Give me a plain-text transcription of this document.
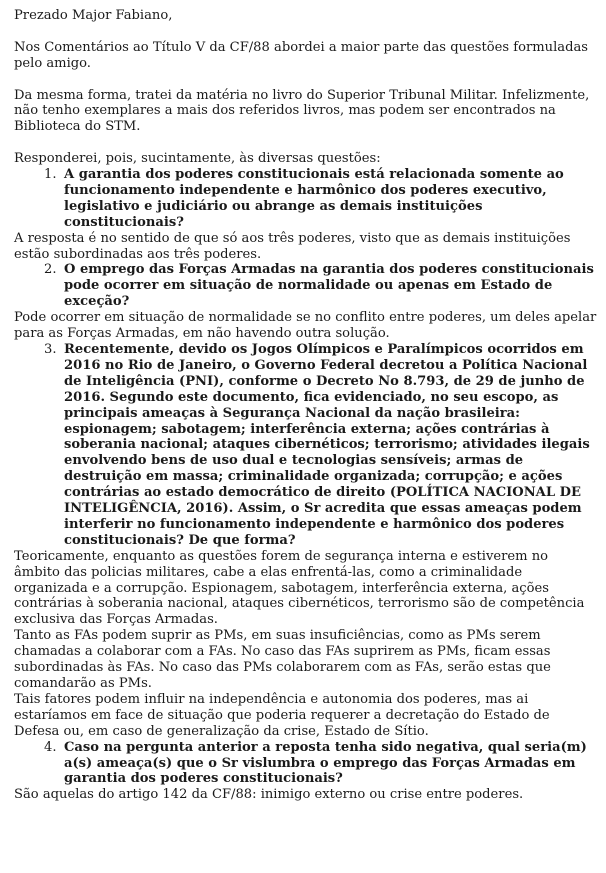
Prezado Major Fabiano,

Nos Comentários ao Título V da CF/88 abordei a maior parte das questões formuladas pelo amigo.

Da mesma forma, tratei da matéria no livro do Superior Tribunal Militar. Infelizmente, não tenho exemplares a mais dos referidos livros, mas podem ser encontrados na Biblioteca do STM.

Responderei, pois, sucintamente, às diversas questões:

1. A garantia dos poderes constitucionais está relacionada somente ao funcionamento independente e harmônico dos poderes executivo, legislativo e judiciário ou abrange as demais instituições constitucionais?

A resposta é no sentido de que só aos três poderes, visto que as demais instituições estão subordinadas aos três poderes.

2. O emprego das Forças Armadas na garantia dos poderes constitucionais pode ocorrer em situação de normalidade ou apenas em Estado de exceção?

Pode ocorrer em situação de normalidade se no conflito entre poderes, um deles apelar para as Forças Armadas, em não havendo outra solução.

3. Recentemente, devido os Jogos Olímpicos e Paralímpicos ocorridos em 2016 no Rio de Janeiro, o Governo Federal decretou a Política Nacional de Inteligência (PNI), conforme o Decreto No 8.793, de 29 de junho de 2016. Segundo este documento, fica evidenciado, no seu escopo, as principais ameaças à Segurança Nacional da nação brasileira: espionagem; sabotagem; interferência externa; ações contrárias à soberania nacional; ataques cibernéticos; terrorismo; atividades ilegais envolvendo bens de uso dual e tecnologias sensíveis; armas de destruição em massa; criminalidade organizada; corrupção; e ações contrárias ao estado democrático de direito (POLÍTICA NACIONAL DE INTELIGÊNCIA, 2016). Assim, o Sr acredita que essas ameaças podem interferir no funcionamento independente e harmônico dos poderes constitucionais? De que forma?

Teoricamente, enquanto as questões forem de segurança interna e estiverem no âmbito das policias militares, cabe a elas enfrentá-las, como a criminalidade organizada e a corrupção. Espionagem, sabotagem, interferência externa, ações contrárias à soberania nacional, ataques cibernéticos, terrorismo são de competência exclusiva das Forças Armadas.

Tanto as FAs podem suprir as PMs, em suas insuficiências, como as PMs serem chamadas a colaborar com a FAs. No caso das FAs suprirem as PMs, ficam essas subordinadas às FAs. No caso das PMs colaborarem com as FAs, serão estas que comandarão as PMs.

Tais fatores podem influir na independência e autonomia dos poderes, mas ai estaríamos em face de situação que poderia requerer a decretação do Estado de Defesa ou, em caso de generalização da crise, Estado de Sítio.

4. Caso na pergunta anterior a reposta tenha sido negativa, qual seria(m) a(s) ameaça(s) que o Sr vislumbra o emprego das Forças Armadas em garantia dos poderes constitucionais?

São aquelas do artigo 142 da CF/88: inimigo externo ou crise entre poderes.
